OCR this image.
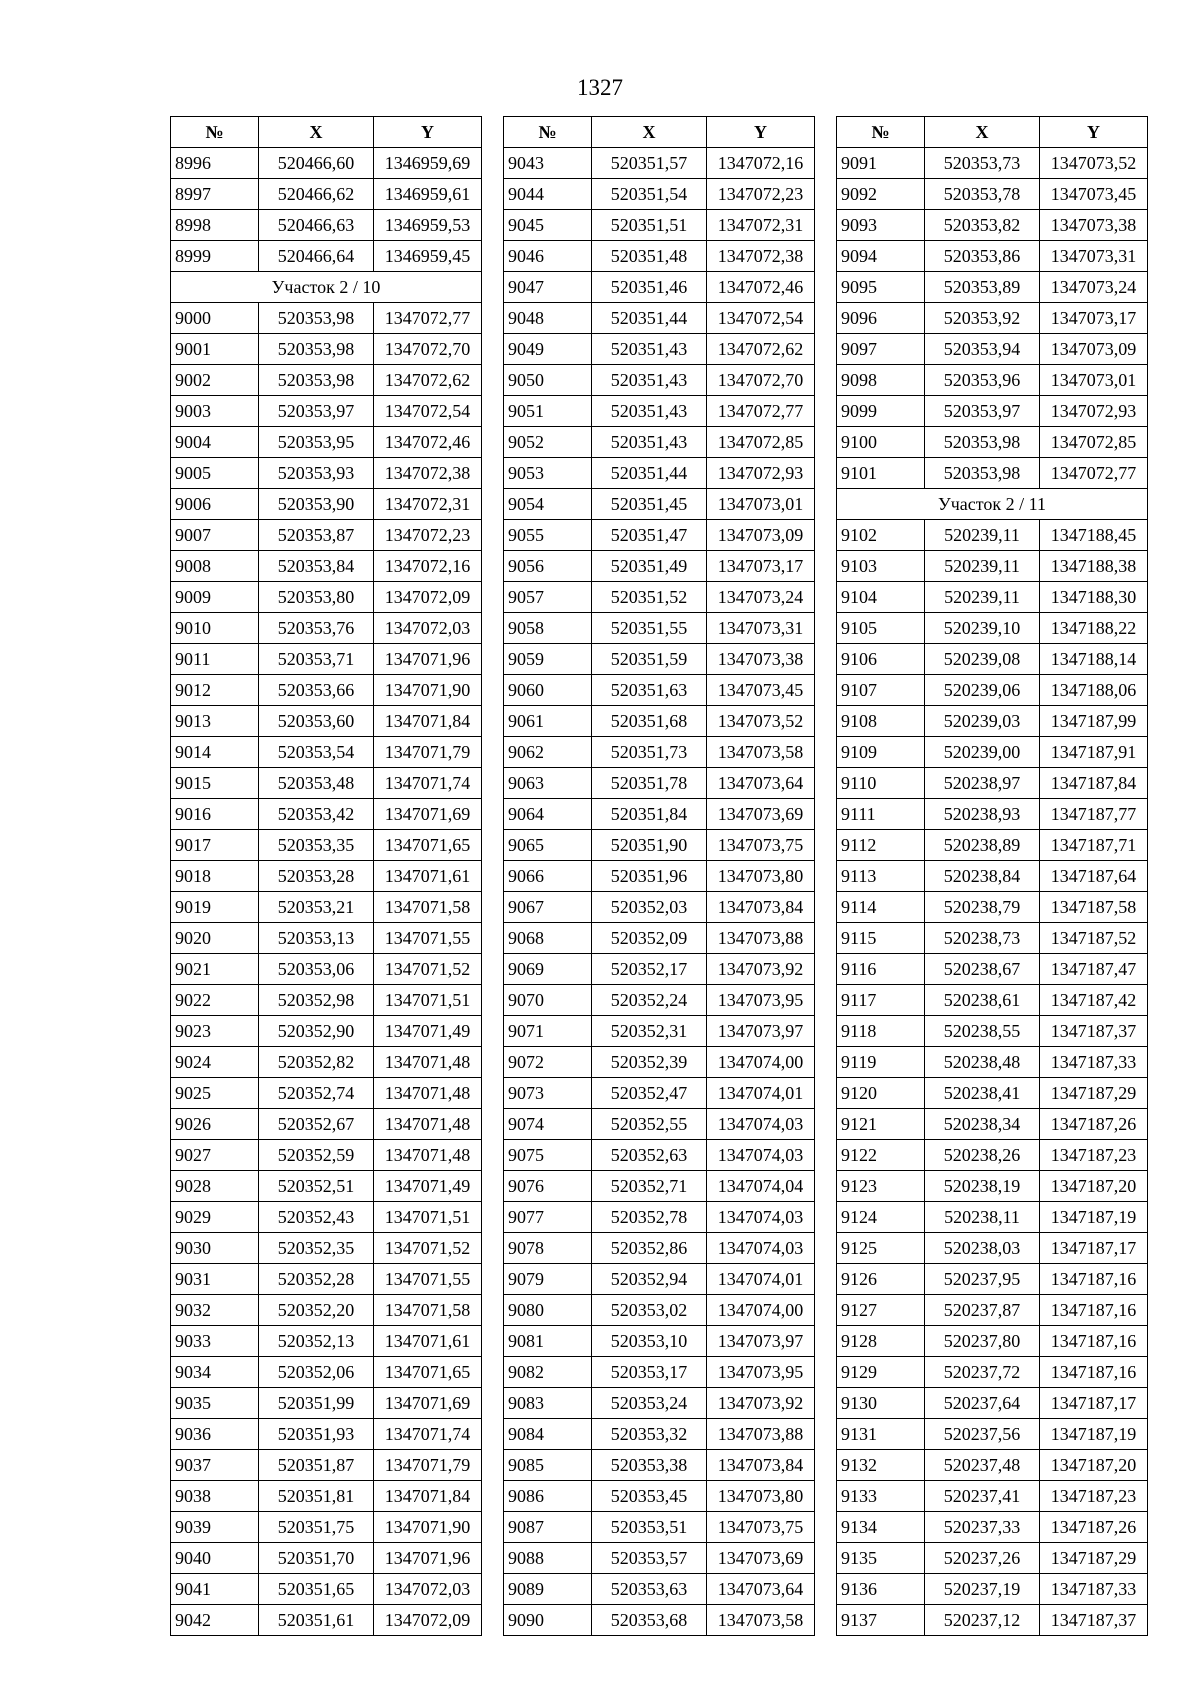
1327
№	X	Y
8996	520466,60	1346959,69
8997	520466,62	1346959,61
8998	520466,63	1346959,53
8999	520466,64	1346959,45
Участок 2 / 10		
9000	520353,98	1347072,77
9001	520353,98	1347072,70
9002	520353,98	1347072,62
9003	520353,97	1347072,54
9004	520353,95	1347072,46
9005	520353,93	1347072,38
9006	520353,90	1347072,31
9007	520353,87	1347072,23
9008	520353,84	1347072,16
9009	520353,80	1347072,09
9010	520353,76	1347072,03
9011	520353,71	1347071,96
9012	520353,66	1347071,90
9013	520353,60	1347071,84
9014	520353,54	1347071,79
9015	520353,48	1347071,74
9016	520353,42	1347071,69
9017	520353,35	1347071,65
9018	520353,28	1347071,61
9019	520353,21	1347071,58
9020	520353,13	1347071,55
9021	520353,06	1347071,52
9022	520352,98	1347071,51
9023	520352,90	1347071,49
9024	520352,82	1347071,48
9025	520352,74	1347071,48
9026	520352,67	1347071,48
9027	520352,59	1347071,48
9028	520352,51	1347071,49
9029	520352,43	1347071,51
9030	520352,35	1347071,52
9031	520352,28	1347071,55
9032	520352,20	1347071,58
9033	520352,13	1347071,61
9034	520352,06	1347071,65
9035	520351,99	1347071,69
9036	520351,93	1347071,74
9037	520351,87	1347071,79
9038	520351,81	1347071,84
9039	520351,75	1347071,90
9040	520351,70	1347071,96
9041	520351,65	1347072,03
9042	520351,61	1347072,09
№	X	Y
9043	520351,57	1347072,16
9044	520351,54	1347072,23
9045	520351,51	1347072,31
9046	520351,48	1347072,38
9047	520351,46	1347072,46
9048	520351,44	1347072,54
9049	520351,43	1347072,62
9050	520351,43	1347072,70
9051	520351,43	1347072,77
9052	520351,43	1347072,85
9053	520351,44	1347072,93
9054	520351,45	1347073,01
9055	520351,47	1347073,09
9056	520351,49	1347073,17
9057	520351,52	1347073,24
9058	520351,55	1347073,31
9059	520351,59	1347073,38
9060	520351,63	1347073,45
9061	520351,68	1347073,52
9062	520351,73	1347073,58
9063	520351,78	1347073,64
9064	520351,84	1347073,69
9065	520351,90	1347073,75
9066	520351,96	1347073,80
9067	520352,03	1347073,84
9068	520352,09	1347073,88
9069	520352,17	1347073,92
9070	520352,24	1347073,95
9071	520352,31	1347073,97
9072	520352,39	1347074,00
9073	520352,47	1347074,01
9074	520352,55	1347074,03
9075	520352,63	1347074,03
9076	520352,71	1347074,04
9077	520352,78	1347074,03
9078	520352,86	1347074,03
9079	520352,94	1347074,01
9080	520353,02	1347074,00
9081	520353,10	1347073,97
9082	520353,17	1347073,95
9083	520353,24	1347073,92
9084	520353,32	1347073,88
9085	520353,38	1347073,84
9086	520353,45	1347073,80
9087	520353,51	1347073,75
9088	520353,57	1347073,69
9089	520353,63	1347073,64
9090	520353,68	1347073,58
№	X	Y
9091	520353,73	1347073,52
9092	520353,78	1347073,45
9093	520353,82	1347073,38
9094	520353,86	1347073,31
9095	520353,89	1347073,24
9096	520353,92	1347073,17
9097	520353,94	1347073,09
9098	520353,96	1347073,01
9099	520353,97	1347072,93
9100	520353,98	1347072,85
9101	520353,98	1347072,77
Участок 2 / 11		
9102	520239,11	1347188,45
9103	520239,11	1347188,38
9104	520239,11	1347188,30
9105	520239,10	1347188,22
9106	520239,08	1347188,14
9107	520239,06	1347188,06
9108	520239,03	1347187,99
9109	520239,00	1347187,91
9110	520238,97	1347187,84
9111	520238,93	1347187,77
9112	520238,89	1347187,71
9113	520238,84	1347187,64
9114	520238,79	1347187,58
9115	520238,73	1347187,52
9116	520238,67	1347187,47
9117	520238,61	1347187,42
9118	520238,55	1347187,37
9119	520238,48	1347187,33
9120	520238,41	1347187,29
9121	520238,34	1347187,26
9122	520238,26	1347187,23
9123	520238,19	1347187,20
9124	520238,11	1347187,19
9125	520238,03	1347187,17
9126	520237,95	1347187,16
9127	520237,87	1347187,16
9128	520237,80	1347187,16
9129	520237,72	1347187,16
9130	520237,64	1347187,17
9131	520237,56	1347187,19
9132	520237,48	1347187,20
9133	520237,41	1347187,23
9134	520237,33	1347187,26
9135	520237,26	1347187,29
9136	520237,19	1347187,33
9137	520237,12	1347187,37
